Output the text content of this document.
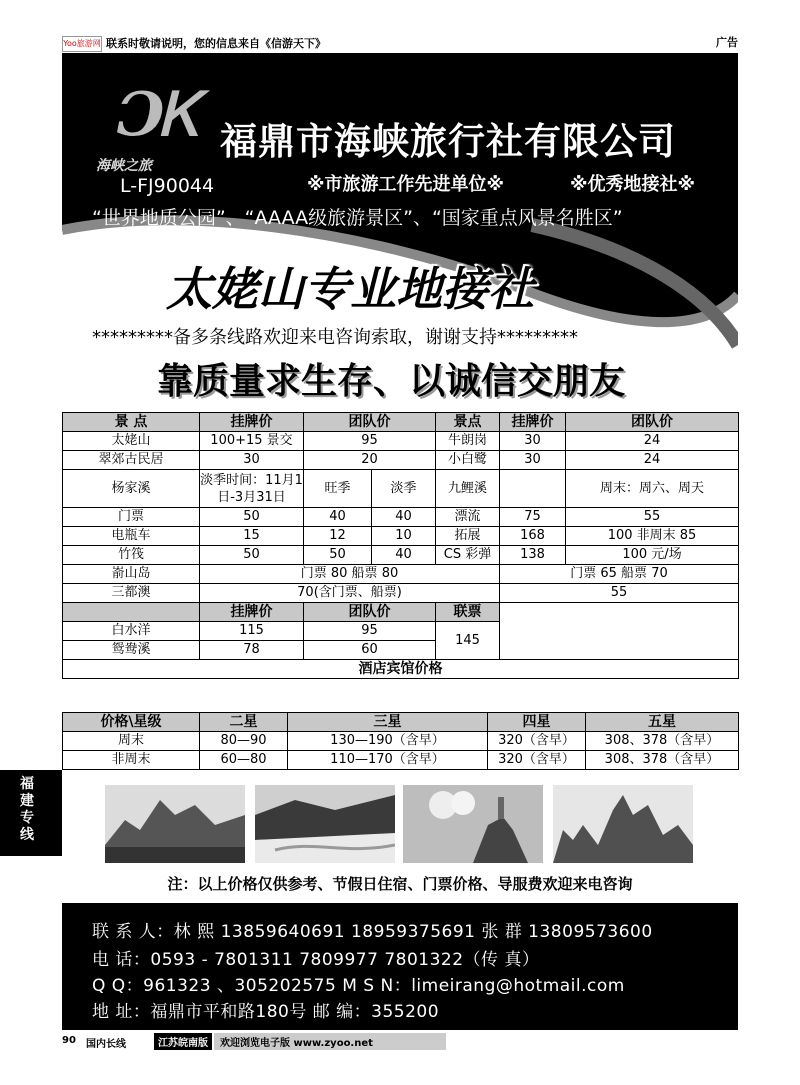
Yoo旅游网 联系时敬请说明，您的信息来自《信游天下》	广告
ƆᏦ
海峡之旅
L-FJ90044
福鼎市海峡旅行社有限公司
※市旅游工作先进单位※	※优秀地接社※
“世界地质公园”、“AAAA级旅游景区”、“国家重点风景名胜区”
太姥山专业地接社
*********备多条线路欢迎来电咨询索取，谢谢支持*********
靠质量求生存、以诚信交朋友
景 点	挂牌价	团队价		景点	挂牌价	团队价
太姥山	100+15 景交	95		牛朗岗	30	24
翠郊古民居	30	20		小白鹭	30	24
杨家溪	淡季时间：11月1日-3月31日	旺季	淡季	九鲤溪		周末：周六、周天
门票	50	40	40	漂流	75	55
电瓶车	15	12	10	拓展	168	100 非周末 85
竹筏	50	50	40	CS 彩弹	138	100 元/场
嵛山岛	门票 80 船票 80				门票 65 船票 70	
三都澳	70(含门票、船票)				55	
	挂牌价	团队价		联票		
白水洋	115	95		145		
鸳鸯溪	78	60				
酒店宾馆价格						
价格\星级	二星	三星	四星	五星
周末	80—90	130—190（含早）	320（含早）	308、378（含早）
非周末	60—80	110—170（含早）	320（含早）	308、378（含早）
注：以上价格仅供参考、节假日住宿、门票价格、导服费欢迎来电咨询
联 系 人：林 熙 13859640691 18959375691 张 群 13809573600
电 话：0593 - 7801311 7809977 7801322（传 真）
Q Q：961323 、305202575 M S N：limeirang@hotmail.com
地 址：福鼎市平和路180号 邮 编：355200
福建专线
90 国内长线	江苏皖南版	欢迎浏览电子版 www.zyoo.net
